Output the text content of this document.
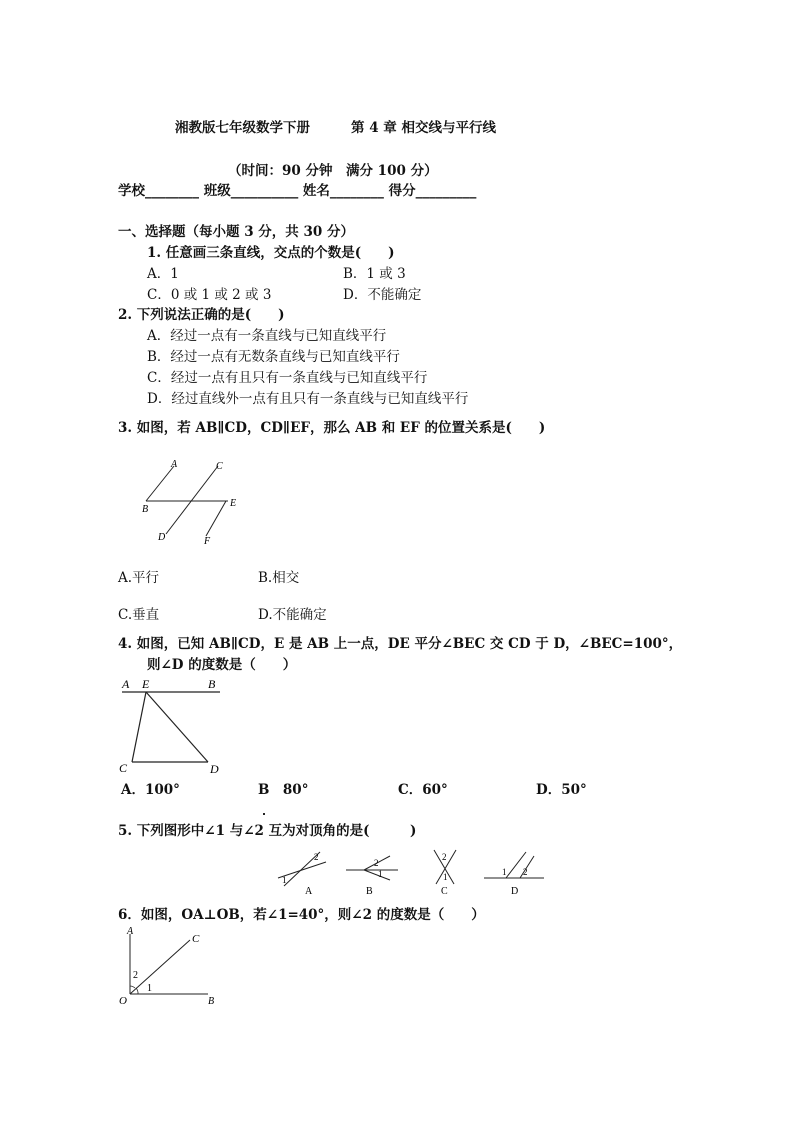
湘教版七年级数学下册	第 4 章 相交线与平行线
（时间：90 分钟　满分 100 分）
学校________ 班级__________ 姓名________ 得分_________
一、选择题（每小题 3 分，共 30 分）
1. 任意画三条直线，交点的个数是(　　)
A．1	B．1 或 3
C．0 或 1 或 2 或 3	D．不能确定
2. 下列说法正确的是(　　)
A．经过一点有一条直线与已知直线平行
B．经过一点有无数条直线与已知直线平行
C．经过一点有且只有一条直线与已知直线平行
D．经过直线外一点有且只有一条直线与已知直线平行
3. 如图，若 AB∥CD，CD∥EF，那么 AB 和 EF 的位置关系是(　　)
A	C
B
E
D	F
A.平行	B.相交
C.垂直	D.不能确定
4. 如图，已知 AB∥CD，E 是 AB 上一点，DE 平分∠BEC 交 CD 于 D，∠BEC=100°，
则∠D 的度数是（　　）
A E	B
C	D
A．100°	B　80°	C．60°	D．50°
5. 下列图形中∠1 与∠2 互为对顶角的是(　　　)
1
2
A
2
1
B
2
1
C
1 2
D
6．如图，OA⊥OB，若∠1=40°，则∠2 的度数是（　　）
A
C
2
1
O	B
